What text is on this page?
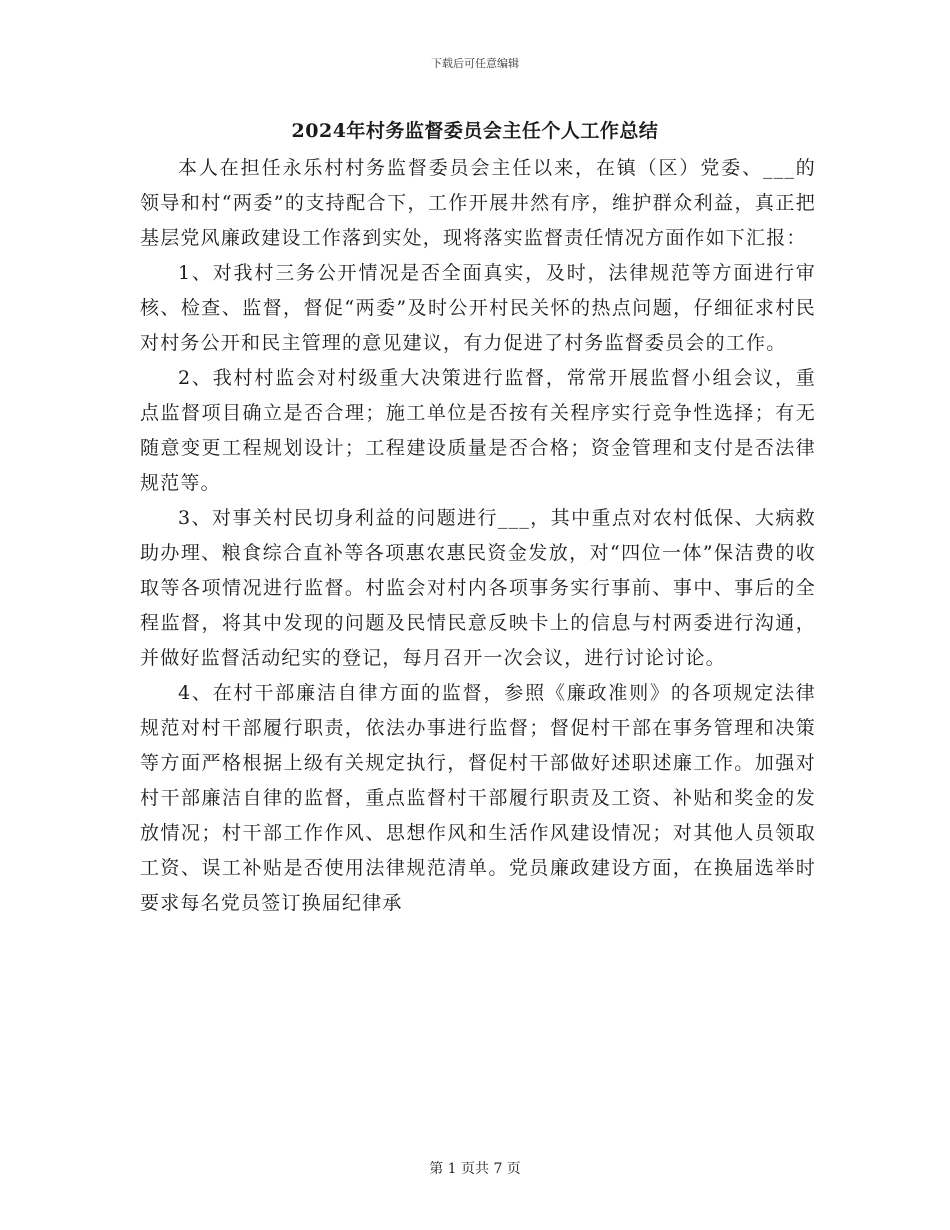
下载后可任意编辑
2024年村务监督委员会主任个人工作总结

本人在担任永乐村村务监督委员会主任以来，在镇（区）党委、___的领导和村“两委”的支持配合下，工作开展井然有序，维护群众利益，真正把基层党风廉政建设工作落到实处，现将落实监督责任情况方面作如下汇报：

1、对我村三务公开情况是否全面真实，及时，法律规范等方面进行审核、检查、监督，督促“两委”及时公开村民关怀的热点问题，仔细征求村民对村务公开和民主管理的意见建议，有力促进了村务监督委员会的工作。

2、我村村监会对村级重大决策进行监督，常常开展监督小组会议，重点监督项目确立是否合理；施工单位是否按有关程序实行竞争性选择；有无随意变更工程规划设计；工程建设质量是否合格；资金管理和支付是否法律规范等。

3、对事关村民切身利益的问题进行___，其中重点对农村低保、大病救助办理、粮食综合直补等各项惠农惠民资金发放，对“四位一体”保洁费的收取等各项情况进行监督。村监会对村内各项事务实行事前、事中、事后的全程监督，将其中发现的问题及民情民意反映卡上的信息与村两委进行沟通，并做好监督活动纪实的登记，每月召开一次会议，进行讨论讨论。

4、在村干部廉洁自律方面的监督，参照《廉政准则》的各项规定法律规范对村干部履行职责，依法办事进行监督；督促村干部在事务管理和决策等方面严格根据上级有关规定执行，督促村干部做好述职述廉工作。加强对村干部廉洁自律的监督，重点监督村干部履行职责及工资、补贴和奖金的发放情况；村干部工作作风、思想作风和生活作风建设情况；对其他人员领取工资、误工补贴是否使用法律规范清单。党员廉政建设方面，在换届选举时要求每名党员签订换届纪律承

第 1 页共 7 页
